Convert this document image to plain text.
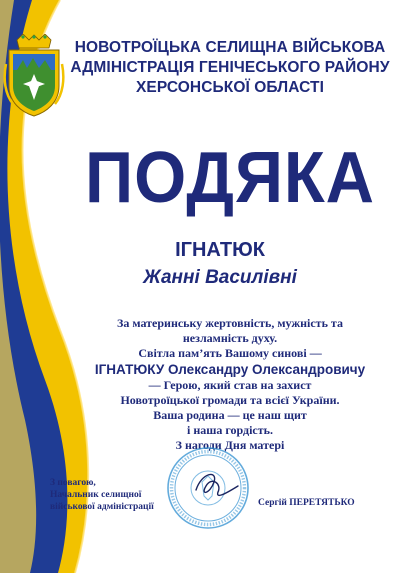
НОВОТРОЇЦЬКА СЕЛИЩНА ВІЙСЬКОВА
АДМІНІСТРАЦІЯ ГЕНІЧЕСЬКОГО РАЙОНУ
ХЕРСОНСЬКОЇ ОБЛАСТІ
ПОДЯКА
ІГНАТЮК
Жанні Василівні
За материнську жертовність, мужність та
незламність духу.
Світла пам’ять Вашому синові —
ІГНАТЮКУ Олександру Олександровичу
— Герою, який став на захист
Новотроїцької громади та всієї України.
Ваша родина — це наш щит
і наша гордість.
З нагоди Дня матері
З повагою,
Начальник селищної
військової адміністрації	Сергій ПЕРЕТЯТЬКО
